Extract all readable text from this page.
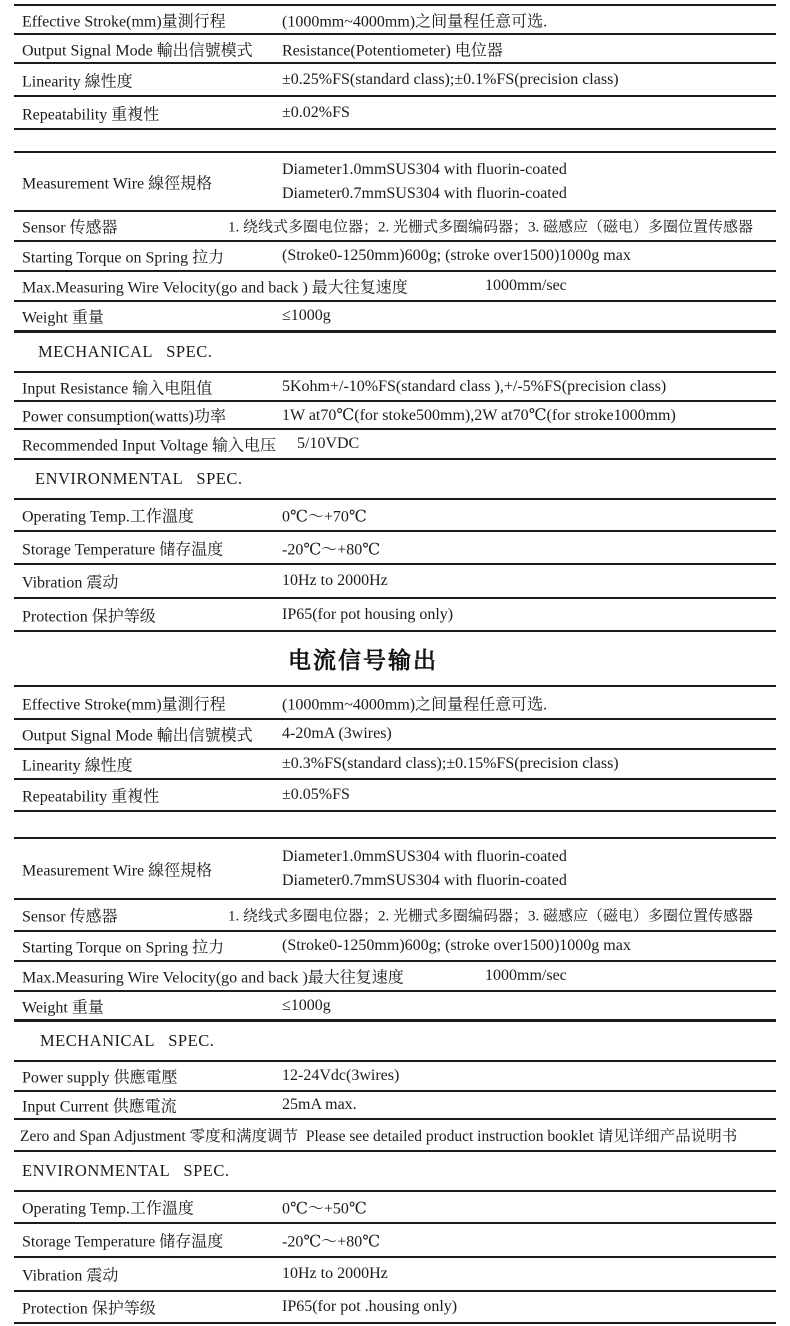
Effective Stroke(mm)量測行程	(1000mm~4000mm)之间量程任意可选.
Output Signal Mode 輸出信號模式 Resistance(Potentiometer) 电位器
Linearity 線性度	±0.25%FS(standard class);±0.1%FS(precision class)
Repeatability 重複性	±0.02%FS
Measurement Wire 線徑規格
Diameter1.0mmSUS304 with fluorin-coated
Diameter0.7mmSUS304 with fluorin-coated
Sensor 传感器	1. 绕线式多圈电位器；2. 光栅式多圈编码器；3. 磁感应（磁电）多圈位置传感器
Starting Torque on Spring 拉力	(Stroke0-1250mm)600g; (stroke over1500)1000g max
Max.Measuring Wire Velocity(go and back ) 最大往复速度	1000mm/sec
Weight 重量	≤1000g
MECHANICAL   SPEC.
Input Resistance 输入电阻值	5Kohm+/-10%FS(standard class ),+/-5%FS(precision class)
Power consumption(watts)功率	1W at70℃(for stoke500mm),2W at70℃(for stroke1000mm)
Recommended Input Voltage 输入电压 5/10VDC
ENVIRONMENTAL   SPEC.
Operating Temp.工作溫度	0℃～+70℃
Storage Temperature 储存温度	-20℃～+80℃
Vibration 震动	10Hz to 2000Hz
Protection 保护等级	IP65(for pot housing only)
电流信号输出
Effective Stroke(mm)量測行程	(1000mm~4000mm)之间量程任意可选.
Output Signal Mode 輸出信號模式 4-20mA (3wires)
Linearity 線性度	±0.3%FS(standard class);±0.15%FS(precision class)
Repeatability 重複性	±0.05%FS
Measurement Wire 線徑規格
Diameter1.0mmSUS304 with fluorin-coated
Diameter0.7mmSUS304 with fluorin-coated
Sensor 传感器	1. 绕线式多圈电位器；2. 光栅式多圈编码器；3. 磁感应（磁电）多圈位置传感器
Starting Torque on Spring 拉力	(Stroke0-1250mm)600g; (stroke over1500)1000g max
Max.Measuring Wire Velocity(go and back )最大往复速度	1000mm/sec
Weight 重量	≤1000g
MECHANICAL   SPEC.
Power supply 供應電壓	12-24Vdc(3wires)
Input Current 供應電流	25mA max.
Zero and Span Adjustment 零度和满度调节  Please see detailed product instruction booklet 请见详细产品说明书
ENVIRONMENTAL   SPEC.
Operating Temp.工作溫度	0℃～+50℃
Storage Temperature 储存温度	-20℃～+80℃
Vibration 震动	10Hz to 2000Hz
Protection 保护等级	IP65(for pot .housing only)
